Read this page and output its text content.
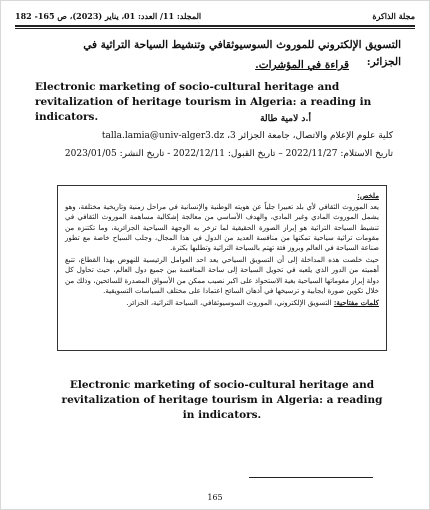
مجلة الذاكرة
المجلد: 11/ العدد: 01، يناير (2023)، ص 165- 182
التسويق الإلكتروني للموروث السوسيوثقافي وتنشيط السياحة التراثية في الجزائر:
قراءة في المؤشرات.
Electronic marketing of socio-cultural heritage and revitalization of heritage tourism in Algeria: a reading in indicators.	أ.د لامية طالة
كلية علوم الإعلام والاتصال، جامعة الجزائر 3، talla.lamia@univ-alger3.dz
تاريخ الاستلام: 2022/11/27 – تاريخ القبول: 2022/12/11 - تاريخ النشر: 2023/01/05
ملخص:

يعد الموروث الثقافي لأي بلد تعبيرا جلياً عن هويته الوطنية والإنسانية في مراحل زمنية وتاريخية مختلفة، وهو يشمل الموروث المادي وغير المادي، والهدف الأساسي من معالجة إشكالية مساهمة الموروث الثقافي في تنشيط السياحة التراثية هو إبراز الصورة الحقيقية لما تزخر به الوجهة السياحية الجزائرية، وما تكتنزه من مقومات تراثية سياحية تمكنها من منافسة العديد من الدول في هذا المجال، وجلب السياح خاصة مع تطور صناعة السياحة في العالم وبروز فئة تهتم بالسياحة التراثية وتطلبها بكثرة.

حيث خلصت هذه المداخلة إلى أن التسويق السياحي يعد احد العوامل الرئيسية للنهوض بهذا القطاع، تتبع أهميته من الدور الذي يلعبه في تحويل السياحة إلى ساحة المنافسة بين جميع دول العالم، حيث تحاول كل دولة إبراز مقوماتها السياحية بغية الاستحواذ على اكبر نصيب ممكن من الأسواق المصدرة للسائحين، وذلك من خلال تكوين صورة ايجابية و ترسيخها في أذهان السائح اعتمادا على مختلف السياسات التسويقية.

كلمات مفتاحية: التسويق الإلكتروني، الموروث السوسيوثقافي، السياحة التراثية، الجزائر.

Electronic marketing of socio-cultural heritage and revitalization of heritage tourism in Algeria: a reading in indicators.
165
